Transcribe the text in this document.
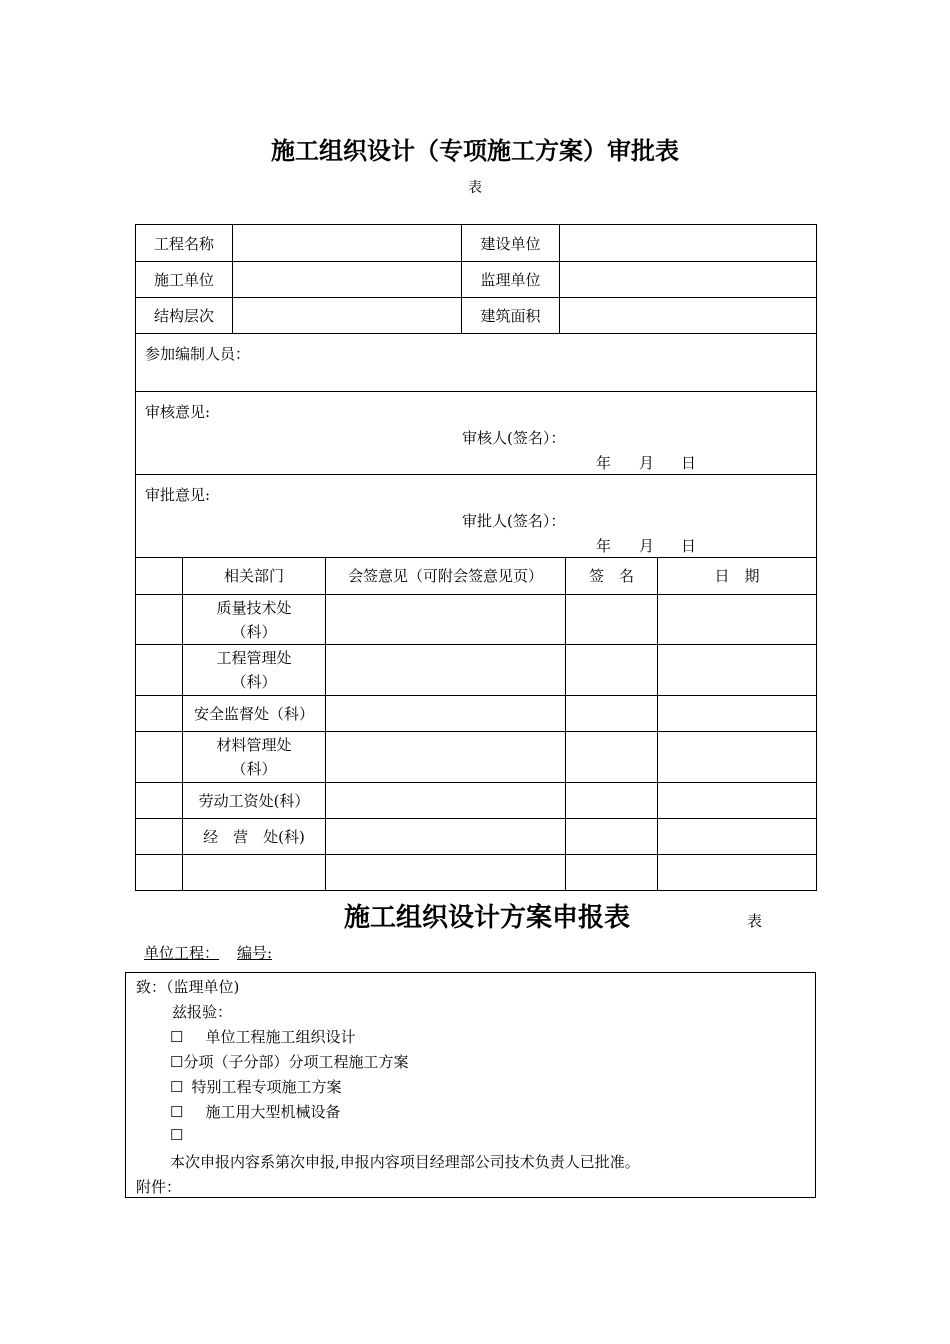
施工组织设计（专项施工方案）审批表
表
工程名称		建设单位	
施工单位		监理单位	
结构层次		建筑面积	

参加编制人员：			

审核意见:
审核人(签名）：
年 月 日			

审批意见:
审批人(签名）：
年 月 日			
	相关部门	会签意见（可附会签意见页）	签　名	日　期

	质量技术处
（科）			

	工程管理处
（科）			

	安全监督处（科）			

	材料管理处
（科）			

	劳动工资处(科）			

	经　营　处(科)			

施工组织设计方案申报表	表
单位工程： 编号:
致：（监理单位)
兹报验：
☐ 单位工程施工组织设计
☐分项（子分部）分项工程施工方案
☐ 特别工程专项施工方案
☐ 施工用大型机械设备
☐
本次申报内容系第次申报,申报内容项目经理部公司技术负责人已批准。
附件：
